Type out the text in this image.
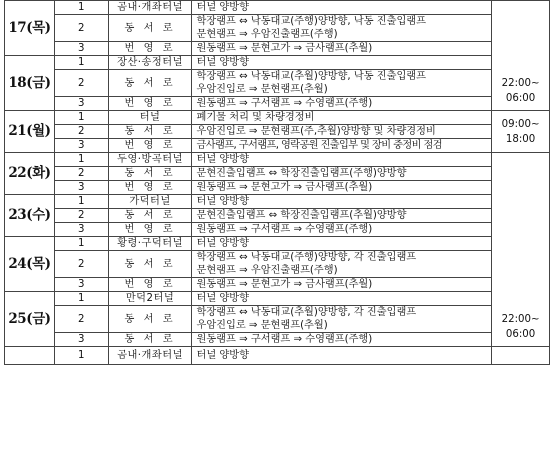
17(목)	1	곰내·개좌터널	터널 양방향	22:00~
06:00

	2	동 서 로	학장램프 ⇔ 낙동대교(주행)양방향, 낙동 진출입램프
문현램프 ⇒ 우암진출램프(주행)	

	3	번 영 로	원동램프 ⇒ 문현고가 ⇒ 금사램프(추월)	

18(금)	1	장산·송정터널	터널 양방향	

	2	동 서 로	학장램프 ⇔ 낙동대교(추월)양방향, 낙동 진출입램프
우암진입로 ⇒ 문현램프(추월)	

	3	번 영 로	원동램프 ⇒ 구서램프 ⇒ 수영램프(주행)	

21(월)	1	터널	폐기물 처리 및 차량경정비	09:00~
18:00

	2	동 서 로	우암진입로 ⇒ 문현램프(주,추월)양방향 및 차량경정비	

	3	번 영 로	금사램프, 구서램프, 영락공원 진출입부 및 장비 중정비 점검	

22(화)	1	두영·방곡터널	터널 양방향	22:00~
06:00

	2	동 서 로	문현진출입램프 ⇔ 학장진출입램프(주행)양방향	

	3	번 영 로	원동램프 ⇒ 문현고가 ⇒ 금사램프(추월)	

23(수)	1	가덕터널	터널 양방향	

	2	동 서 로	문현진출입램프 ⇔ 학장진출입램프(추월)양방향	

	3	번 영 로	원동램프 ⇒ 구서램프 ⇒ 수영램프(주행)	

24(목)	1	황령·구덕터널	터널 양방향	

	2	동 서 로	학장램프 ⇔ 낙동대교(주행)양방향, 각 진출입램프
문현램프 ⇒ 우암진출램프(주행)	

	3	번 영 로	원동램프 ⇒ 문현고가 ⇒ 금사램프(추월)	

25(금)	1	만덕2터널	터널 양방향	

	2	동 서 로	학장램프 ⇔ 낙동대교(추월)양방향, 각 진출입램프
우암진입로 ⇒ 문현램프(추월)	

	3	동 서 로	원동램프 ⇒ 구서램프 ⇒ 수영램프(주행)	

	1	곰내·개좌터널	터널 양방향	
